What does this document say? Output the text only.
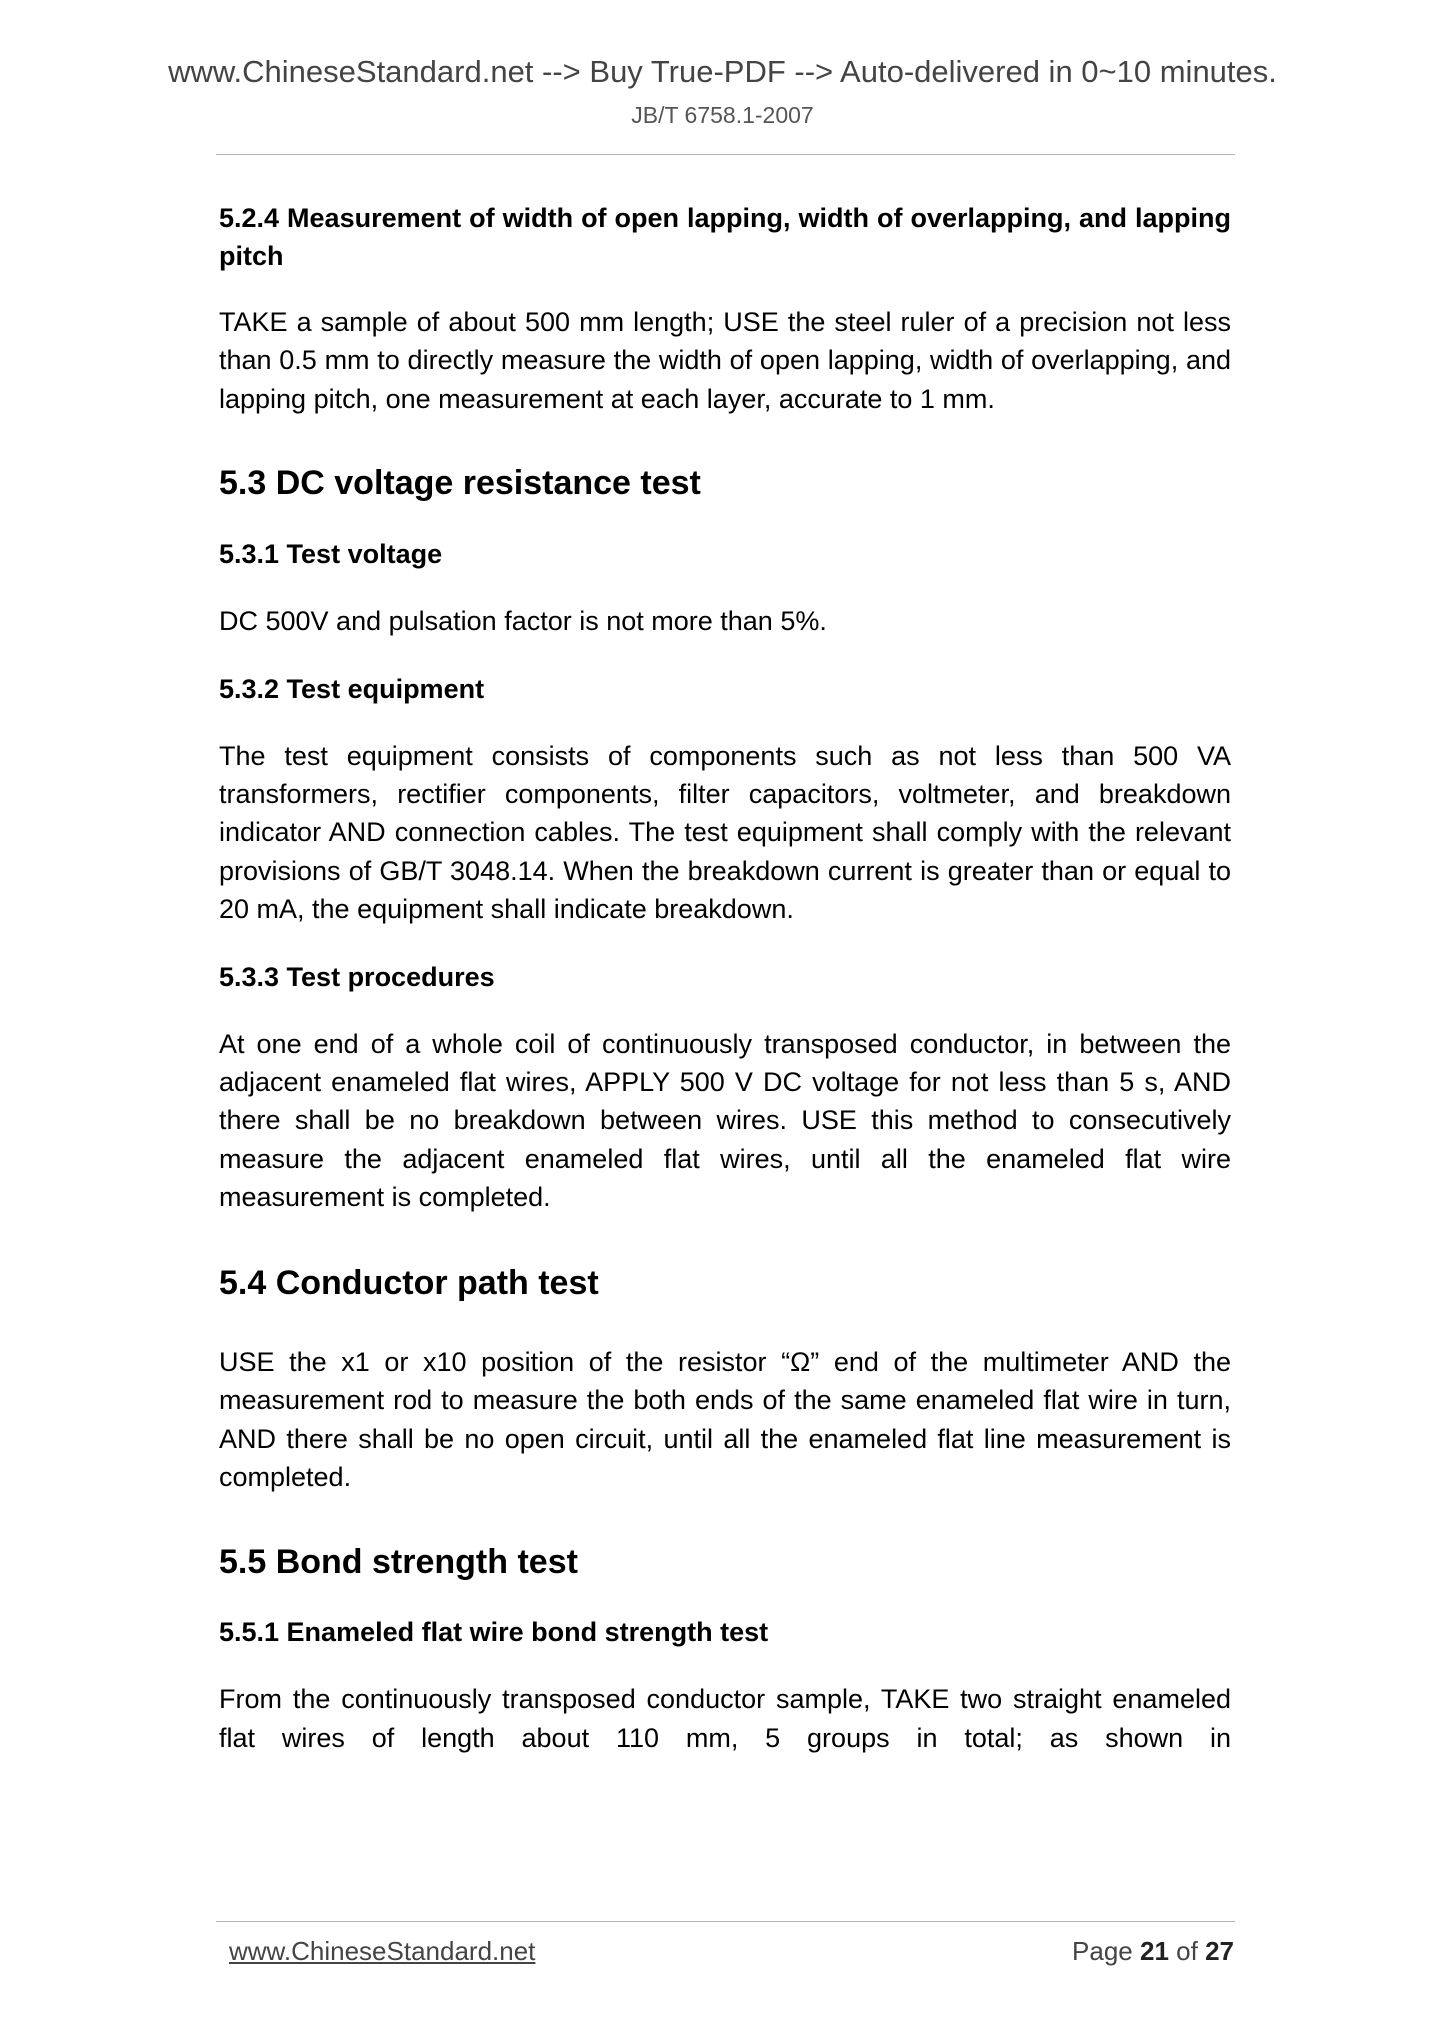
www.ChineseStandard.net --> Buy True-PDF --> Auto-delivered in 0~10 minutes.
JB/T 6758.1-2007
5.2.4 Measurement of width of open lapping, width of overlapping, and lapping pitch

TAKE a sample of about 500 mm length; USE the steel ruler of a precision not less than 0.5 mm to directly measure the width of open lapping, width of overlapping, and lapping pitch, one measurement at each layer, accurate to 1 mm.

5.3 DC voltage resistance test
5.3.1 Test voltage

DC 500V and pulsation factor is not more than 5%.

5.3.2 Test equipment

The test equipment consists of components such as not less than 500 VA transformers, rectifier components, filter capacitors, voltmeter, and breakdown indicator AND connection cables. The test equipment shall comply with the relevant provisions of GB/T 3048.14. When the breakdown current is greater than or equal to 20 mA, the equipment shall indicate breakdown.

5.3.3 Test procedures

At one end of a whole coil of continuously transposed conductor, in between the adjacent enameled flat wires, APPLY 500 V DC voltage for not less than 5 s, AND there shall be no breakdown between wires. USE this method to consecutively measure the adjacent enameled flat wires, until all the enameled flat wire measurement is completed.

5.4 Conductor path test

USE the x1 or x10 position of the resistor “Ω” end of the multimeter AND the measurement rod to measure the both ends of the same enameled flat wire in turn, AND there shall be no open circuit, until all the enameled flat line measurement is completed.

5.5 Bond strength test
5.5.1 Enameled flat wire bond strength test

From the continuously transposed conductor sample, TAKE two straight enameled flat wires of length about 110 mm, 5 groups in total; as shown in

www.ChineseStandard.net	Page 21 of 27
